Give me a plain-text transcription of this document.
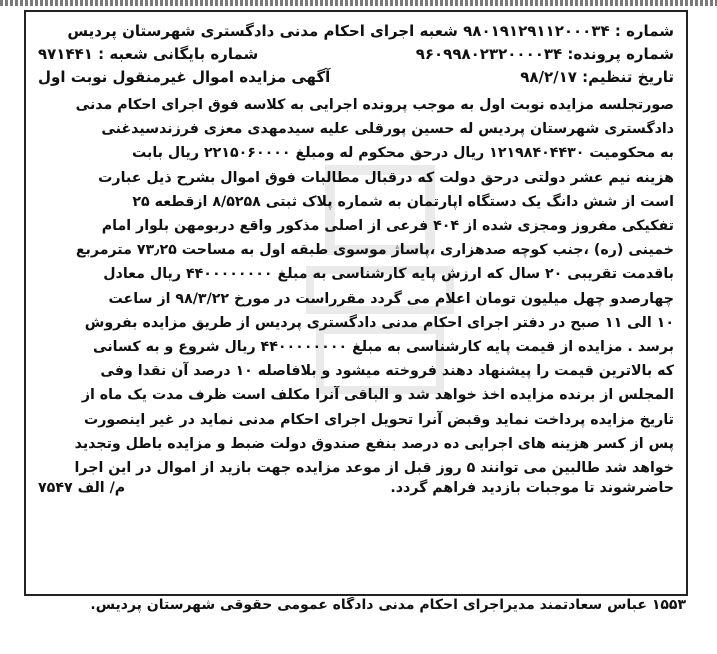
شماره : ۹۸۰۱۹۱۲۹۱۱۲۰۰۰۳۴ شعبه اجرای احکام مدنی دادگستری شهرستان پردیس
شماره پرونده: ۹۶۰۹۹۸۰۲۳۲۰۰۰۰۳۴
شماره بایگانی شعبه : ۹۷۱۴۴۱
تاریخ تنظیم: ۹۸/۲/۱۷
آگهی مزایده اموال غیرمنقول نوبت اول
صورتجلسه مزایده نوبت اول به موجب پرونده اجرایی به کلاسه فوق اجرای احکام مدنی
دادگستری شهرستان پردیس له حسین پورقلی علیه سیدمهدی معزی فرزندسیدغنی
به محکومیت ۱۲۱۹۸۴۰۴۴۳۰ ریال درحق محکوم له ومبلغ ۲۲۱۵۰۶۰۰۰۰ ریال بابت
هزینه نیم عشر دولتی درحق دولت که درقبال مطالبات فوق اموال بشرح ذیل عبارت
است از شش دانگ یک دستگاه اپارتمان به شماره پلاک ثبتی ۸/۵۲۵۸ ازقطعه ۲۵
تفکیکی مفروز ومجزی شده از ۴۰۴ فرعی از اصلی مذکور واقع دربومهن بلوار امام
خمینی (ره) ،جنب کوچه صدهزاری ،پاساژ موسوی طبقه اول به مساحت ۷۳٫۲۵ مترمربع
باقدمت تقریبی ۲۰ سال که ارزش پایه کارشناسی به مبلغ ۴۴۰۰۰۰۰۰۰۰ ریال معادل
چهارصدو چهل میلیون تومان اعلام می گردد مقرراست در مورخ ۹۸/۳/۲۲ از ساعت
۱۰ الی ۱۱ صبح در دفتر اجرای احکام مدنی دادگستری پردیس از طریق مزایده بفروش
برسد . مزایده از قیمت پایه کارشناسی به مبلغ ۴۴۰۰۰۰۰۰۰۰ ریال شروع و به کسانی
که بالاترین قیمت را پیشنهاد دهند فروخته میشود و بلافاصله ۱۰ درصد آن نقدا وفی
المجلس از برنده مزایده اخذ خواهد شد و الباقی آنرا مکلف است ظرف مدت یک ماه از
تاریخ مزایده پرداخت نماید وقبض آنرا تحویل اجرای احکام مدنی نماید در غیر اینصورت
پس از کسر هزینه های اجرایی ده درصد بنفع صندوق دولت ضبط و مزایده باطل وتجدید
خواهد شد طالبین می توانند ۵ روز قبل از موعد مزایده جهت بازید از اموال در این اجرا
حاضرشوند تا موجبات بازدید فراهم گردد.
م/ الف ۷۵۴۷
۱۵۵۳ عباس سعادتمند مدیراجرای احکام مدنی دادگاه عمومی حقوقی شهرستان پردیس.
